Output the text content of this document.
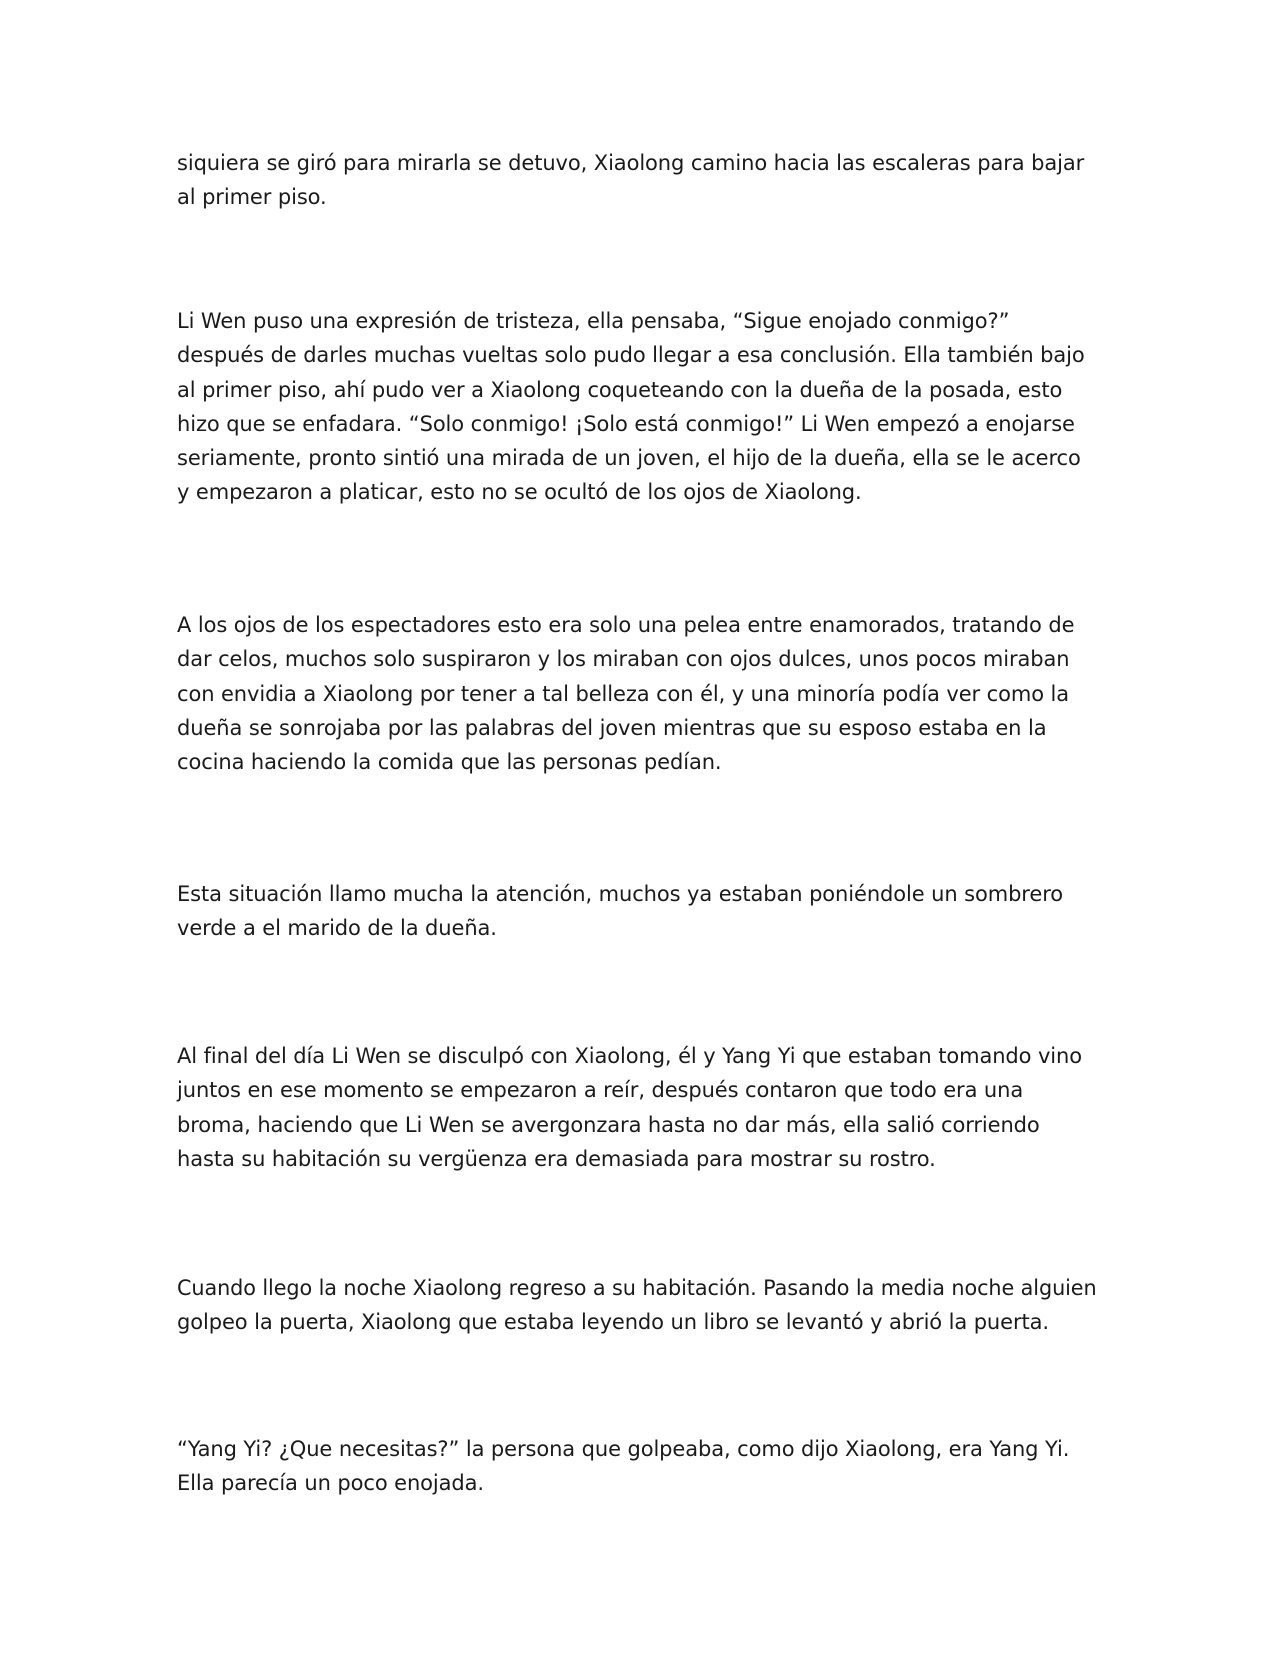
siquiera se giró para mirarla se detuvo, Xiaolong camino hacia las escaleras para bajar
al primer piso.

Li Wen puso una expresión de tristeza, ella pensaba, “Sigue enojado conmigo?”
después de darles muchas vueltas solo pudo llegar a esa conclusión. Ella también bajo
al primer piso, ahí pudo ver a Xiaolong coqueteando con la dueña de la posada, esto
hizo que se enfadara. “Solo conmigo! ¡Solo está conmigo!” Li Wen empezó a enojarse
seriamente, pronto sintió una mirada de un joven, el hijo de la dueña, ella se le acerco
y empezaron a platicar, esto no se ocultó de los ojos de Xiaolong.

A los ojos de los espectadores esto era solo una pelea entre enamorados, tratando de
dar celos, muchos solo suspiraron y los miraban con ojos dulces, unos pocos miraban
con envidia a Xiaolong por tener a tal belleza con él, y una minoría podía ver como la
dueña se sonrojaba por las palabras del joven mientras que su esposo estaba en la
cocina haciendo la comida que las personas pedían.

Esta situación llamo mucha la atención, muchos ya estaban poniéndole un sombrero
verde a el marido de la dueña.

Al final del día Li Wen se disculpó con Xiaolong, él y Yang Yi que estaban tomando vino
juntos en ese momento se empezaron a reír, después contaron que todo era una
broma, haciendo que Li Wen se avergonzara hasta no dar más, ella salió corriendo
hasta su habitación su vergüenza era demasiada para mostrar su rostro.

Cuando llego la noche Xiaolong regreso a su habitación. Pasando la media noche alguien
golpeo la puerta, Xiaolong que estaba leyendo un libro se levantó y abrió la puerta.

“Yang Yi? ¿Que necesitas?” la persona que golpeaba, como dijo Xiaolong, era Yang Yi.
Ella parecía un poco enojada.
